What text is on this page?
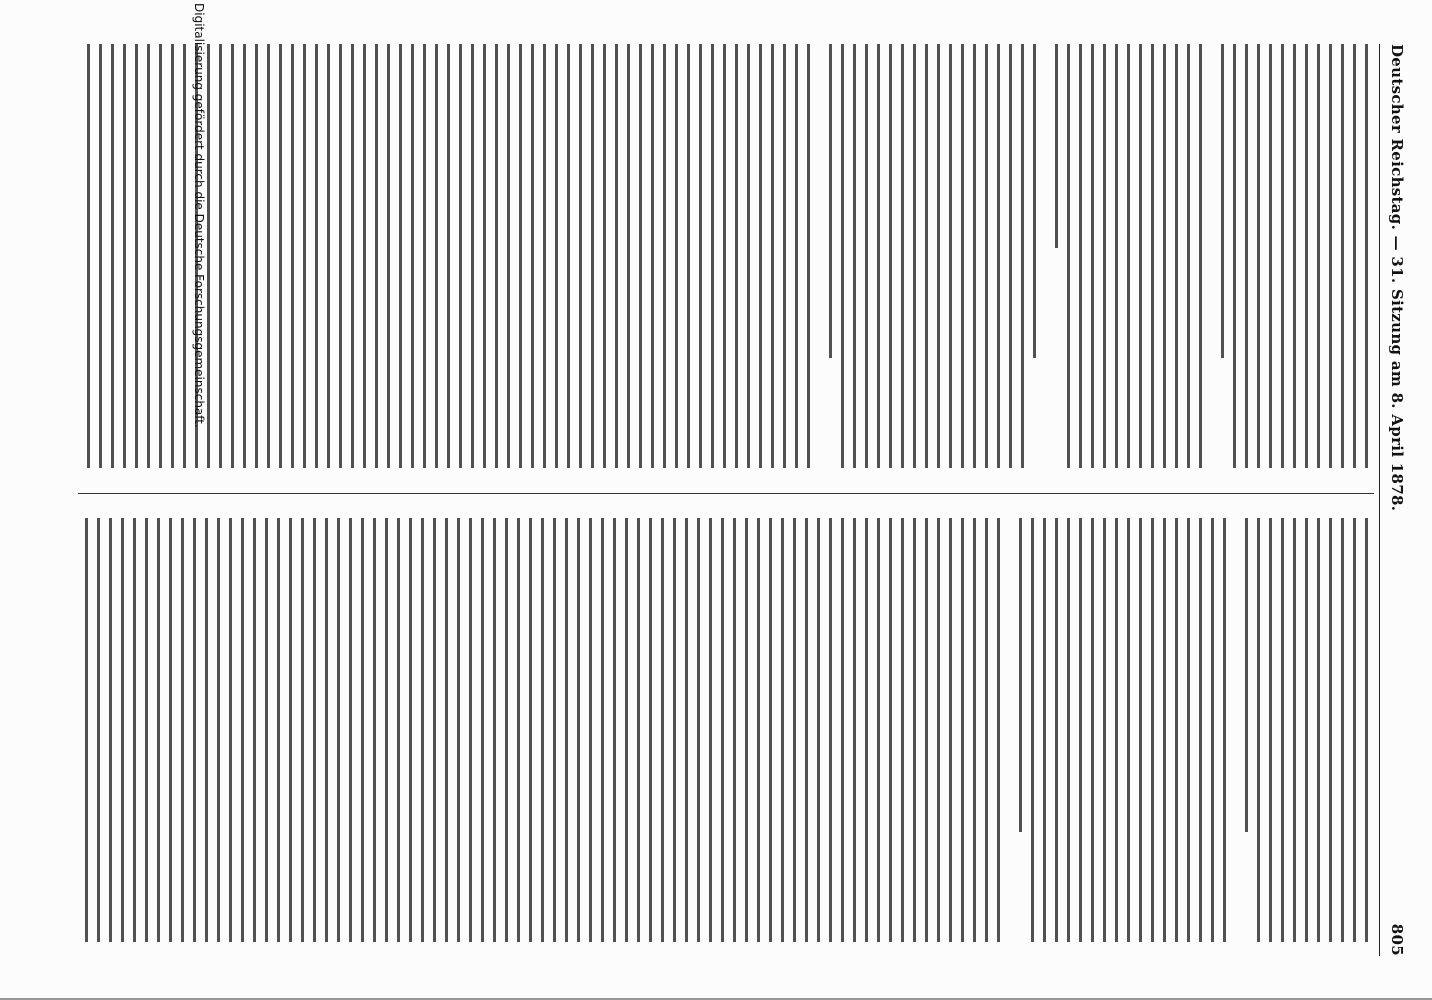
Deutscher Reichstag. — 31. Sitzung am 8. April 1878.
805
Digitalisierung gefördert durch die Deutsche Forschungsgemeinschaft.
